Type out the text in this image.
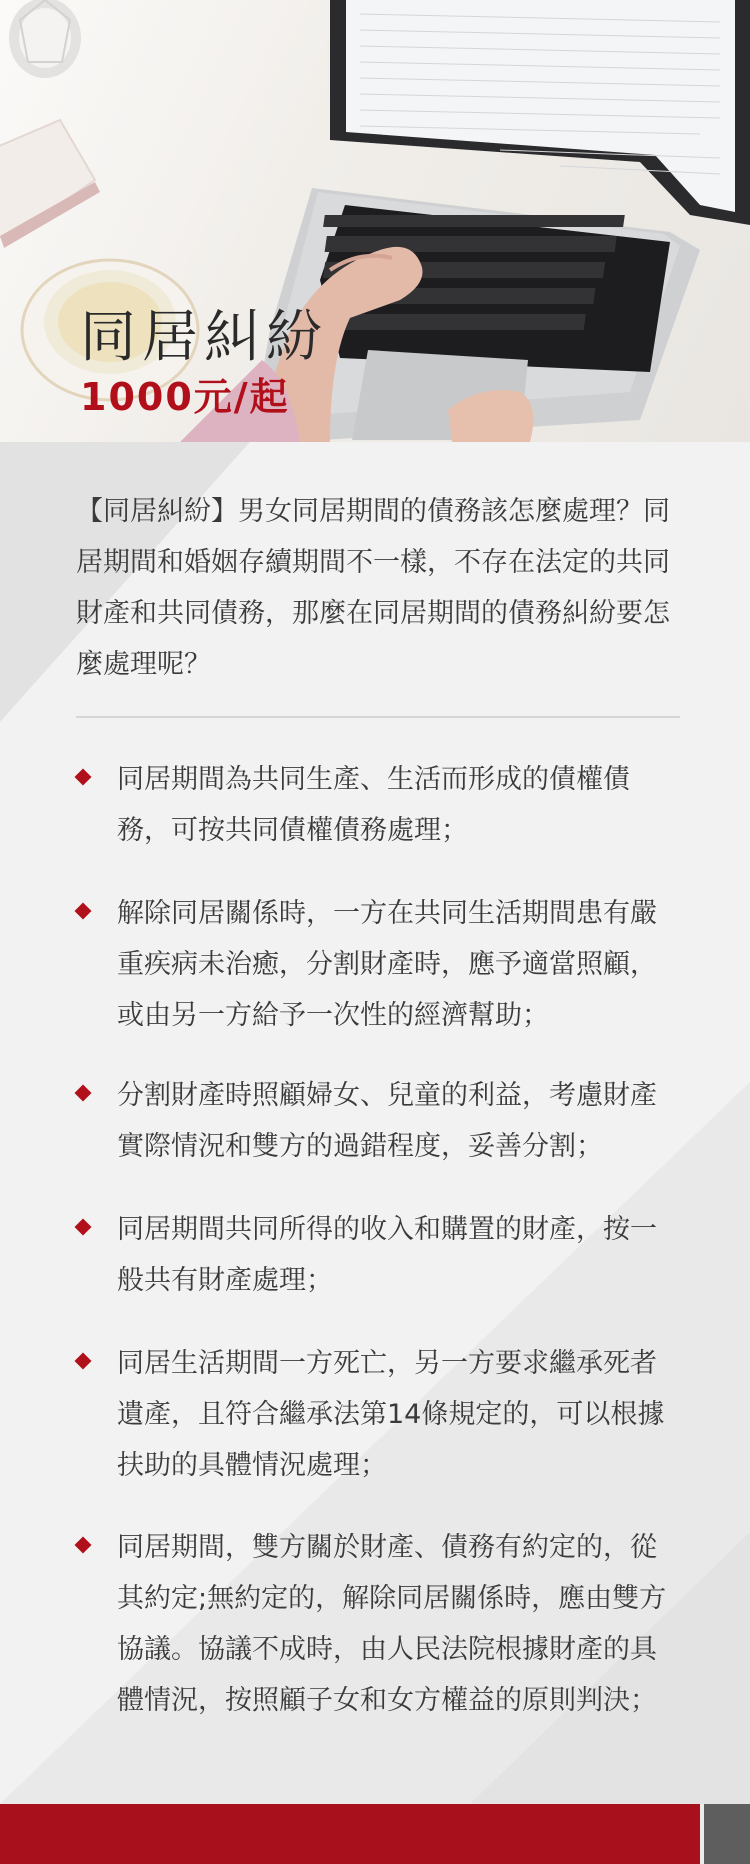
同居糾紛
1000元/起

【同居糾紛】男女同居期間的債務該怎麼處理？同居期間和婚姻存續期間不一樣，不存在法定的共同財產和共同債務，那麼在同居期間的債務糾紛要怎麼處理呢？

同居期間為共同生產、生活而形成的債權債務，可按共同債權債務處理；

解除同居關係時，一方在共同生活期間患有嚴重疾病未治癒，分割財產時，應予適當照顧，或由另一方給予一次性的經濟幫助；

分割財產時照顧婦女、兒童的利益，考慮財產實際情況和雙方的過錯程度，妥善分割；

同居期間共同所得的收入和購置的財產，按一般共有財產處理；

同居生活期間一方死亡，另一方要求繼承死者遺產，且符合繼承法第14條規定的，可以根據扶助的具體情況處理；

同居期間，雙方關於財產、債務有約定的，從其約定;無約定的，解除同居關係時，應由雙方協議。協議不成時，由人民法院根據財產的具體情況，按照顧子女和女方權益的原則判決；
